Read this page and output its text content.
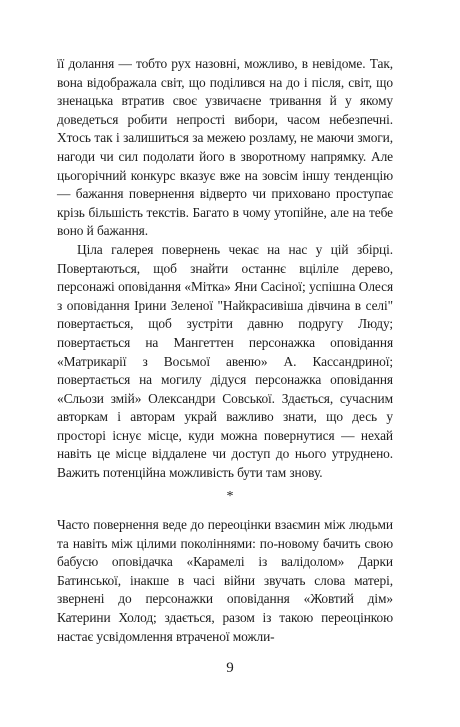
її долання — тобто рух назовні, можливо, в невідоме. Так, вона відображала світ, що поділився на до і після, світ, що зненацька втратив своє узвичаєне тривання й у якому доведеться робити непрості вибори, часом небезпечні. Хтось так і залишиться за межею розламу, не маючи змоги, нагоди чи сил подолати його в зворотному напрямку. Але цьогорічний конкурс вказує вже на зовсім іншу тенденцію — бажання повернення відверто чи приховано проступає крізь більшість текстів. Багато в чому утопійне, але на тебе воно й бажання.

Ціла галерея повернень чекає на нас у цій збірці. Повертаються, щоб знайти останнє вціліле дерево, персонажі оповідання «Мітка» Яни Сасіної; успішна Олеся з оповідання Ірини Зеленої "Найкрасивіша дівчина в селі" повертається, щоб зустріти давню подругу Люду; повертається на Мангеттен персонажка оповідання «Матрикарії з Восьмої авеню» А. Кассандриної; повертається на могилу дідуся персонажка оповідання «Сльози змій» Олександри Совської. Здається, сучасним авторкам і авторам украй важливо знати, що десь у просторі існує місце, куди можна повернутися — нехай навіть це місце віддалене чи доступ до нього утруднено. Важить потенційна можливість бути там знову.

*

Часто повернення веде до переоцінки взаємин між людьми та навіть між цілими поколіннями: по-новому бачить свою бабусю оповідачка «Карамелі із валідолом» Дарки Батинської, інакше в часі війни звучать слова матері, звернені до персонажки оповідання «Жовтий дім» Катерини Холод; здається, разом із такою переоцінкою настає усвідомлення втраченої можли-

9
